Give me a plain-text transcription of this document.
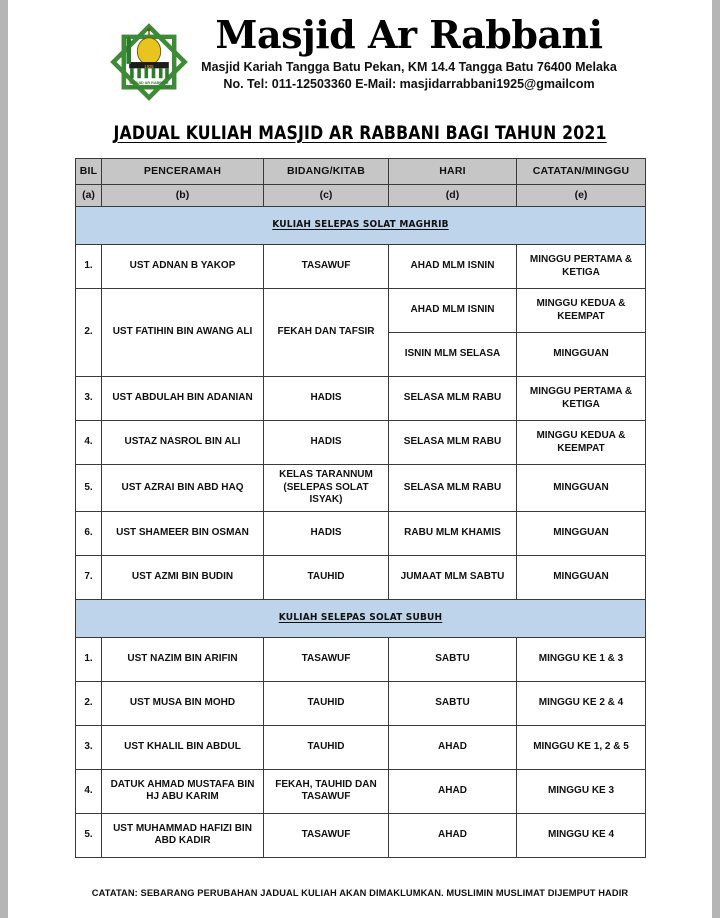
1925
MASJID AR RABBANI
TANGGA BATU PEKAN
Masjid Ar Rabbani
Masjid Kariah Tangga Batu Pekan, KM 14.4 Tangga Batu 76400 Melaka
No. Tel: 011-12503360 E-Mail: masjidarrabbani1925@gmailcom
JADUAL KULIAH MASJID AR RABBANI BAGI TAHUN 2021
BIL	PENCERAMAH	BIDANG/KITAB	HARI	CATATAN/MINGGU
(a)	(b)	(c)	(d)	(e)
KULIAH SELEPAS SOLAT MAGHRIB				
1.	UST ADNAN B YAKOP	TASAWUF	AHAD MLM ISNIN	MINGGU PERTAMA & KETIGA
2.	UST FATIHIN BIN AWANG ALI	FEKAH DAN TAFSIR	AHAD MLM ISNIN	MINGGU KEDUA & KEEMPAT
			ISNIN MLM SELASA	MINGGUAN
3.	UST ABDULAH BIN ADANIAN	HADIS	SELASA MLM RABU	MINGGU PERTAMA & KETIGA
4.	USTAZ NASROL BIN ALI	HADIS	SELASA MLM RABU	MINGGU KEDUA & KEEMPAT
5.	UST AZRAI BIN ABD HAQ	KELAS TARANNUM (SELEPAS SOLAT ISYAK)	SELASA MLM RABU	MINGGUAN
6.	UST SHAMEER BIN OSMAN	HADIS	RABU MLM KHAMIS	MINGGUAN
7.	UST AZMI BIN BUDIN	TAUHID	JUMAAT MLM SABTU	MINGGUAN
KULIAH SELEPAS SOLAT SUBUH				
1.	UST NAZIM BIN ARIFIN	TASAWUF	SABTU	MINGGU KE 1 & 3
2.	UST MUSA BIN MOHD	TAUHID	SABTU	MINGGU KE 2 & 4
3.	UST KHALIL BIN ABDUL	TAUHID	AHAD	MINGGU KE 1, 2 & 5
4.	DATUK AHMAD MUSTAFA BIN HJ ABU KARIM	FEKAH, TAUHID DAN TASAWUF	AHAD	MINGGU KE 3
5.	UST MUHAMMAD HAFIZI BIN ABD KADIR	TASAWUF	AHAD	MINGGU KE 4
CATATAN: SEBARANG PERUBAHAN JADUAL KULIAH AKAN DIMAKLUMKAN. MUSLIMIN MUSLIMAT DIJEMPUT HADIR
